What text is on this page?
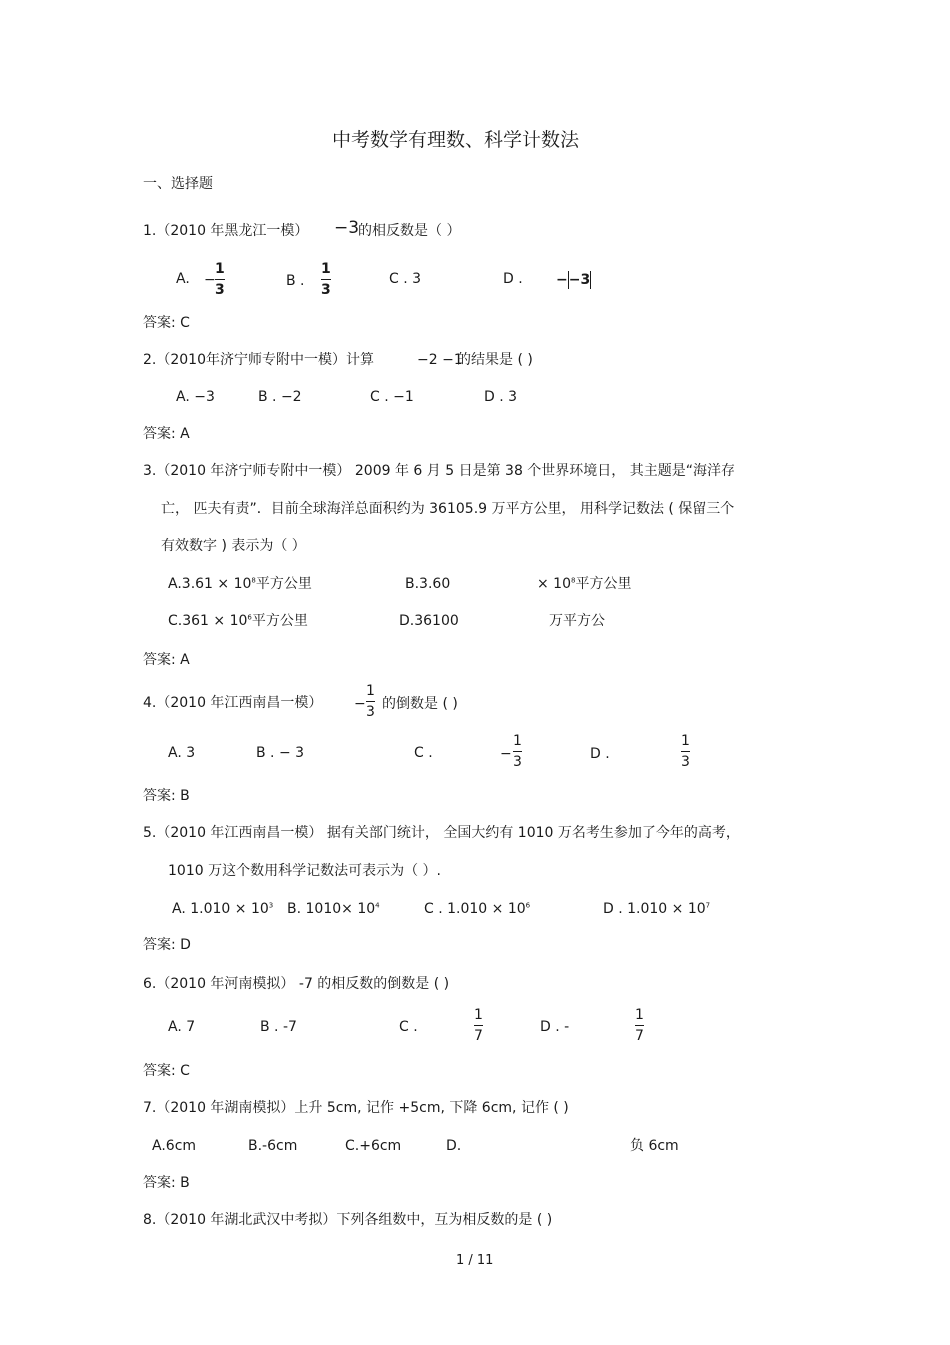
中考数学有理数、科学计数法
一、选择题
1.（2010 年黑龙江一模） −3
的相反数是（ ）
A. −
1
3
B .
1
3
C . 3	D . −−3
答案: C
2.（2010年济宁师专附中一模）计算	−2 −1
的结果是 ( )
A. −3	B . −2	C . −1	D . 3
答案: A
3.（2010 年济宁师专附中一模） 2009 年 6 月 5 日是第 38 个世界环境日， 其主题是“海洋存
亡， 匹夫有责”．目前全球海洋总面积约为 36105.9 万平方公里， 用科学记数法 ( 保留三个
有效数字 ) 表示为（ ）
$A.3.61 \times 10^8$平方公里	B.3.60	× $10^8$平方公里
$C.361 \times 10^6$平方公里	D.36100	万平方公
答案: A
4.（2010 年江西南昌一模） −
1
3 的倒数是 ( )
A. 3	B . − 3	C .	−
1
3	D .
1
3
答案: B
5.（2010 年江西南昌一模） 据有关部门统计， 全国大约有 1010 万名考生参加了今年的高考，
1010 万这个数用科学记数法可表示为（ ）.
A. $1.010 \times 10^3$ B. $1010\times 10^4$	C . $1.010 \times 10^6$	D . $1.010 \times 10^7$
答案: D
6.（2010 年河南模拟） -7 的相反数的倒数是 ( )
A. 7	B . -7	C .
1
7
D . -
1
7
答案: C
7.（2010 年湖南模拟）上升 5cm, 记作 +5cm, 下降 6cm, 记作 ( )
A.6cm	B.-6cm	C.+6cm	D.	负 6cm
答案: B
8.（2010 年湖北武汉中考拟）下列各组数中，互为相反数的是 ( )
1 / 11
